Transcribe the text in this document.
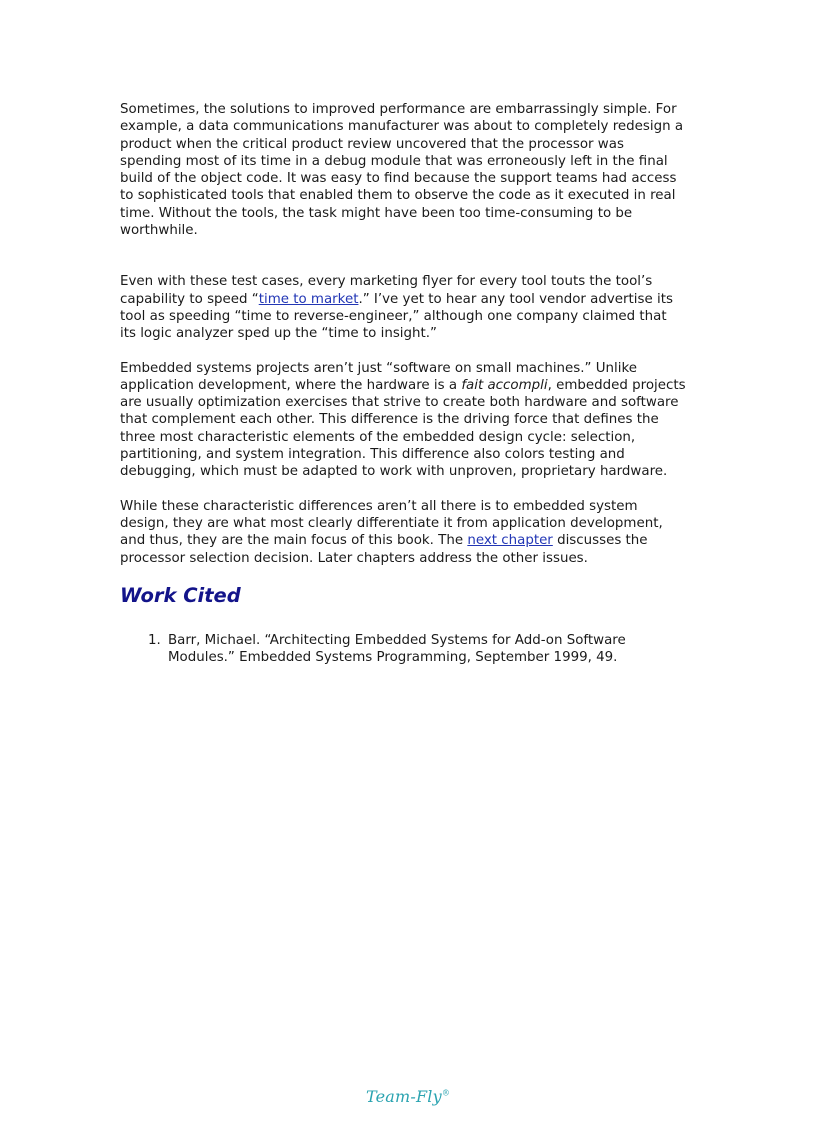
Sometimes, the solutions to improved performance are embarrassingly simple. For example, a data communications manufacturer was about to completely redesign a product when the critical product review uncovered that the processor was spending most of its time in a debug module that was erroneously left in the final build of the object code. It was easy to find because the support teams had access to sophisticated tools that enabled them to observe the code as it executed in real time. Without the tools, the task might have been too time-consuming to be worthwhile.

Even with these test cases, every marketing flyer for every tool touts the tool’s capability to speed “time to market.” I’ve yet to hear any tool vendor advertise its tool as speeding “time to reverse-engineer,” although one company claimed that its logic analyzer sped up the “time to insight.”

Embedded systems projects aren’t just “software on small machines.” Unlike application development, where the hardware is a fait accompli, embedded projects are usually optimization exercises that strive to create both hardware and software that complement each other. This difference is the driving force that defines the three most characteristic elements of the embedded design cycle: selection, partitioning, and system integration. This difference also colors testing and debugging, which must be adapted to work with unproven, proprietary hardware.

While these characteristic differences aren’t all there is to embedded system design, they are what most clearly differentiate it from application development, and thus, they are the main focus of this book. The next chapter discusses the processor selection decision. Later chapters address the other issues.

Work Cited
1. Barr, Michael. “Architecting Embedded Systems for Add-on Software Modules.” Embedded Systems Programming, September 1999, 49.
Team-Fly®
